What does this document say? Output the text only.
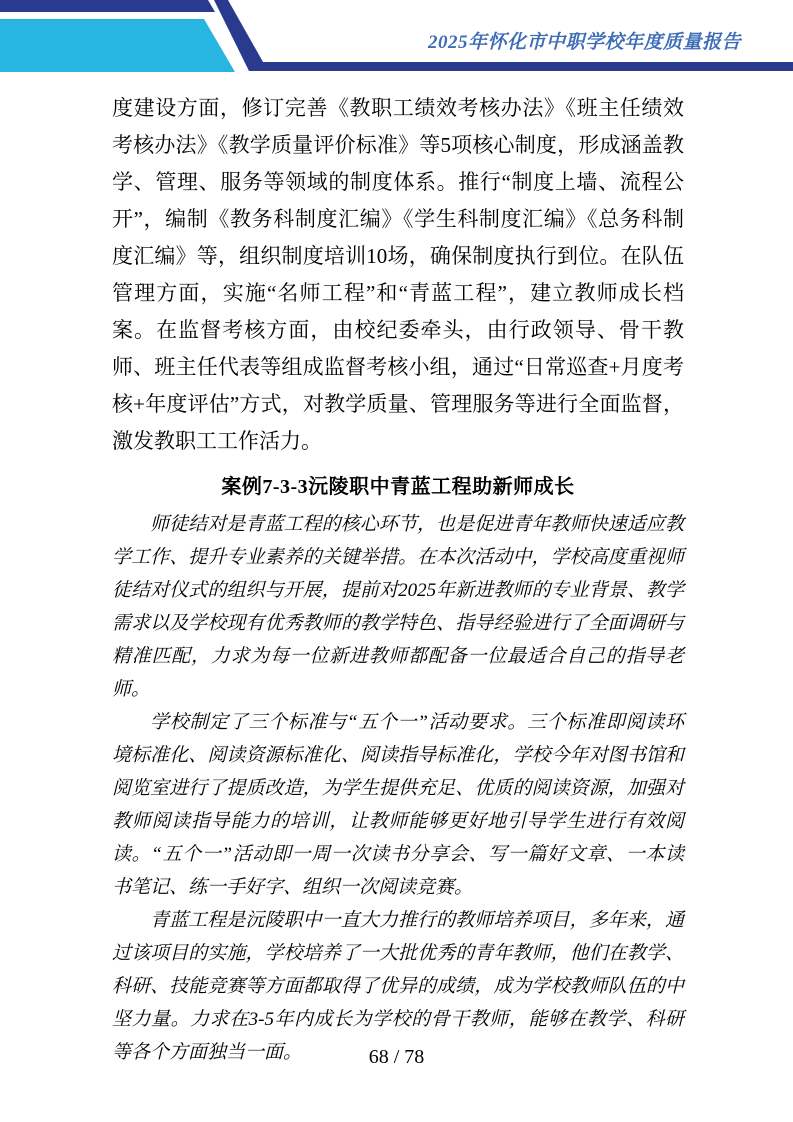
2025年怀化市中职学校年度质量报告

度建设方面，修订完善《教职工绩效考核办法》《班主任绩效考核办法》《教学质量评价标准》等5项核心制度，形成涵盖教学、管理、服务等领域的制度体系。推行“制度上墙、流程公开”，编制《教务科制度汇编》《学生科制度汇编》《总务科制度汇编》等，组织制度培训10场，确保制度执行到位。在队伍管理方面，实施“名师工程”和“青蓝工程”，建立教师成长档案。在监督考核方面，由校纪委牵头，由行政领导、骨干教师、班主任代表等组成监督考核小组，通过“日常巡查+月度考核+年度评估”方式，对教学质量、管理服务等进行全面监督，激发教职工工作活力。

案例7-3-3沅陵职中青蓝工程助新师成长

师徒结对是青蓝工程的核心环节，也是促进青年教师快速适应教学工作、提升专业素养的关键举措。在本次活动中，学校高度重视师徒结对仪式的组织与开展，提前对2025年新进教师的专业背景、教学需求以及学校现有优秀教师的教学特色、指导经验进行了全面调研与精准匹配，力求为每一位新进教师都配备一位最适合自己的指导老师。

学校制定了三个标准与“五个一”活动要求。三个标准即阅读环境标准化、阅读资源标准化、阅读指导标准化，学校今年对图书馆和阅览室进行了提质改造，为学生提供充足、优质的阅读资源，加强对教师阅读指导能力的培训，让教师能够更好地引导学生进行有效阅读。“五个一”活动即一周一次读书分享会、写一篇好文章、一本读书笔记、练一手好字、组织一次阅读竞赛。

青蓝工程是沅陵职中一直大力推行的教师培养项目，多年来，通过该项目的实施，学校培养了一大批优秀的青年教师，他们在教学、科研、技能竞赛等方面都取得了优异的成绩，成为学校教师队伍的中坚力量。力求在3-5年内成长为学校的骨干教师，能够在教学、科研等各个方面独当一面。	68 / 78
